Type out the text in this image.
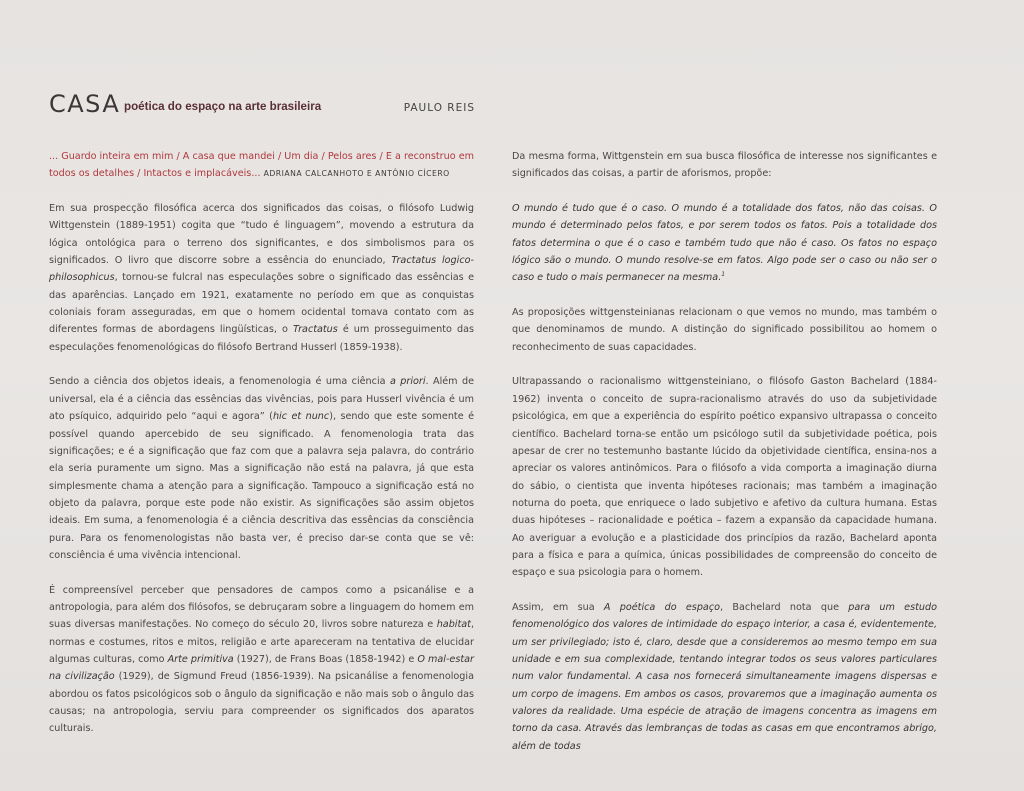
CASA poética do espaço na arte brasileira	PAULO REIS

... Guardo inteira em mim / A casa que mandei / Um dia / Pelos ares / E a reconstruo em todos os detalhes / Intactos e implacáveis... ADRIANA CALCANHOTO E ANTÔNIO CÍCERO

Em sua prospecção filosófica acerca dos significados das coisas, o filósofo Ludwig Wittgenstein (1889-1951) cogita que “tudo é linguagem”, movendo a estrutura da lógica ontológica para o terreno dos significantes, e dos simbolismos para os significados. O livro que discorre sobre a essência do enunciado, Tractatus logico-philosophicus, tornou-se fulcral nas especulações sobre o significado das essências e das aparências. Lançado em 1921, exatamente no período em que as conquistas coloniais foram asseguradas, em que o homem ocidental tomava contato com as diferentes formas de abordagens lingüísticas, o Tractatus é um prosseguimento das especulações fenomenológicas do filósofo Bertrand Husserl (1859-1938).

Sendo a ciência dos objetos ideais, a fenomenologia é uma ciência a priori. Além de universal, ela é a ciência das essências das vivências, pois para Husserl vivência é um ato psíquico, adquirido pelo “aqui e agora” (hic et nunc), sendo que este somente é possível quando apercebido de seu significado. A fenomenologia trata das significações; e é a significação que faz com que a palavra seja palavra, do contrário ela seria puramente um signo. Mas a significação não está na palavra, já que esta simplesmente chama a atenção para a significação. Tampouco a significação está no objeto da palavra, porque este pode não existir. As significações são assim objetos ideais. Em suma, a fenomenologia é a ciência descritiva das essências da consciência pura. Para os fenomenologistas não basta ver, é preciso dar-se conta que se vê: consciência é uma vivência intencional.

É compreensível perceber que pensadores de campos como a psicanálise e a antropologia, para além dos filósofos, se debruçaram sobre a linguagem do homem em suas diversas manifestações. No começo do século 20, livros sobre natureza e habitat, normas e costumes, ritos e mitos, religião e arte apareceram na tentativa de elucidar algumas culturas, como Arte primitiva (1927), de Frans Boas (1858-1942) e O mal-estar na civilização (1929), de Sigmund Freud (1856-1939). Na psicanálise a fenomenologia abordou os fatos psicológicos sob o ângulo da significação e não mais sob o ângulo das causas; na antropologia, serviu para compreender os significados dos aparatos culturais.

Da mesma forma, Wittgenstein em sua busca filosófica de interesse nos significantes e significados das coisas, a partir de aforismos, propõe:

O mundo é tudo que é o caso. O mundo é a totalidade dos fatos, não das coisas. O mundo é determinado pelos fatos, e por serem todos os fatos. Pois a totalidade dos fatos determina o que é o caso e também tudo que não é caso. Os fatos no espaço lógico são o mundo. O mundo resolve-se em fatos. Algo pode ser o caso ou não ser o caso e tudo o mais permanecer na mesma.$^1$

As proposições wittgensteinianas relacionam o que vemos no mundo, mas também o que denominamos de mundo. A distinção do significado possibilitou ao homem o reconhecimento de suas capacidades.

Ultrapassando o racionalismo wittgensteiniano, o filósofo Gaston Bachelard (1884-1962) inventa o conceito de supra-racionalismo através do uso da subjetividade psicológica, em que a experiência do espírito poético expansivo ultrapassa o conceito científico. Bachelard torna-se então um psicólogo sutil da subjetividade poética, pois apesar de crer no testemunho bastante lúcido da objetividade científica, ensina-nos a apreciar os valores antinômicos. Para o filósofo a vida comporta a imaginação diurna do sábio, o cientista que inventa hipóteses racionais; mas também a imaginação noturna do poeta, que enriquece o lado subjetivo e afetivo da cultura humana. Estas duas hipóteses – racionalidade e poética – fazem a expansão da capacidade humana. Ao averiguar a evolução e a plasticidade dos princípios da razão, Bachelard aponta para a física e para a química, únicas possibilidades de compreensão do conceito de espaço e sua psicologia para o homem.

Assim, em sua A poética do espaço, Bachelard nota que para um estudo fenomenológico dos valores de intimidade do espaço interior, a casa é, evidentemente, um ser privilegiado; isto é, claro, desde que a consideremos ao mesmo tempo em sua unidade e em sua complexidade, tentando integrar todos os seus valores particulares num valor fundamental. A casa nos fornecerá simultaneamente imagens dispersas e um corpo de imagens. Em ambos os casos, provaremos que a imaginação aumenta os valores da realidade. Uma espécie de atração de imagens concentra as imagens em torno da casa. Através das lembranças de todas as casas em que encontramos abrigo, além de todas
